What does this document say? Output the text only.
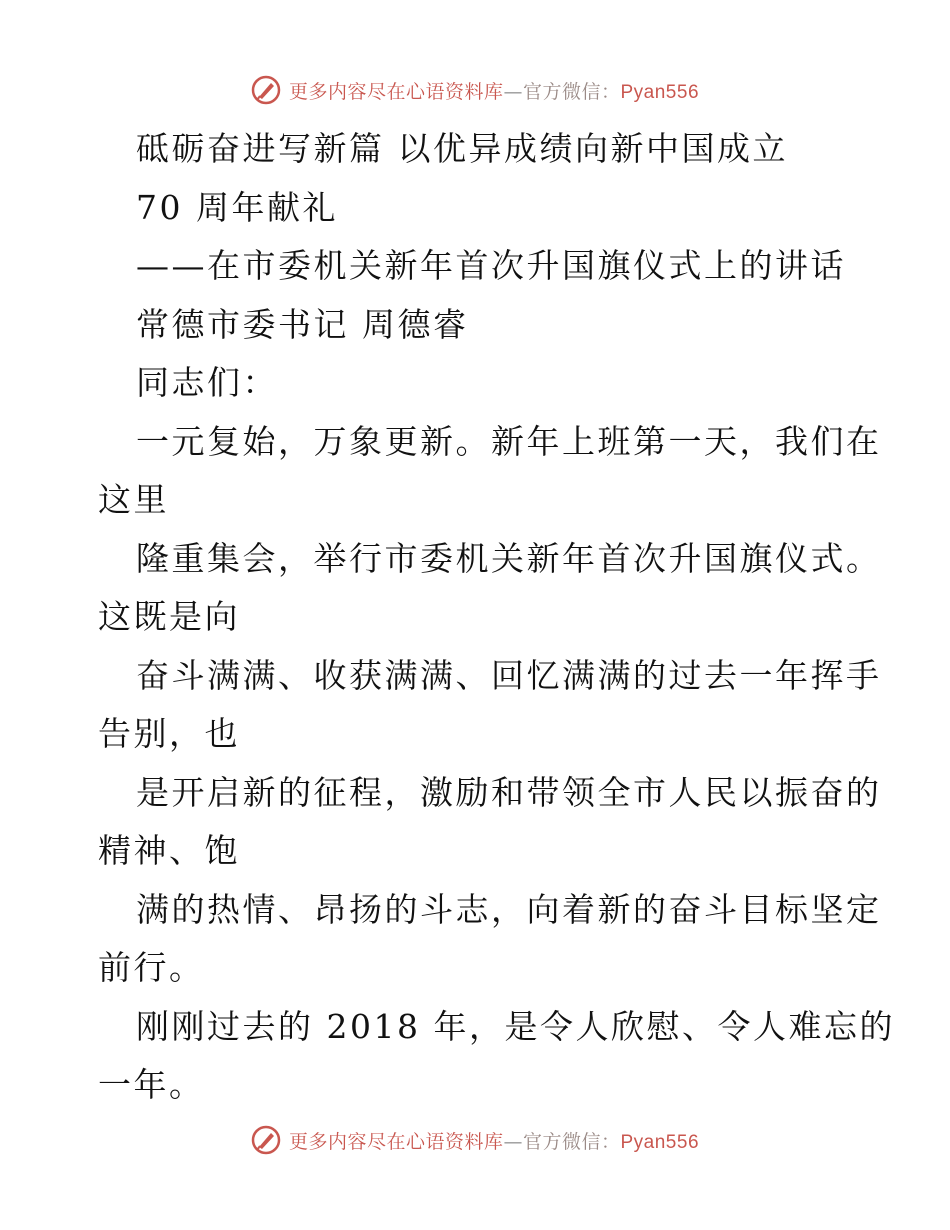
更多内容尽在心语资料库—官方微信：Pyan556
砥砺奋进写新篇 以优异成绩向新中国成立
70 周年献礼
——在市委机关新年首次升国旗仪式上的讲话
常德市委书记 周德睿
同志们：
一元复始，万象更新。新年上班第一天，我们在
这里
隆重集会，举行市委机关新年首次升国旗仪式。
这既是向
奋斗满满、收获满满、回忆满满的过去一年挥手
告别，也
是开启新的征程，激励和带领全市人民以振奋的
精神、饱
满的热情、昂扬的斗志，向着新的奋斗目标坚定
前行。
刚刚过去的 2018 年，是令人欣慰、令人难忘的
一年。
更多内容尽在心语资料库—官方微信：Pyan556
